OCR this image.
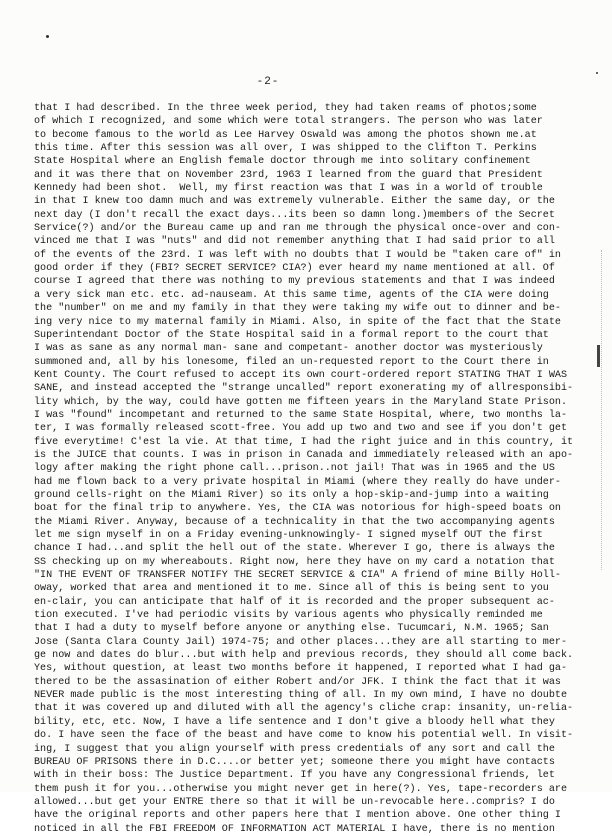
-2-
that I had described. In the three week period, they had taken reams of photos;some
of which I recognized, and some which were total strangers. The person who was later
to become famous to the world as Lee Harvey Oswald was among the photos shown me.at
this time. After this session was all over, I was shipped to the Clifton T. Perkins
State Hospital where an English female doctor through me into solitary confinement
and it was there that on November 23rd, 1963 I learned from the guard that President
Kennedy had been shot.  Well, my first reaction was that I was in a world of trouble
in that I knew too damn much and was extremely vulnerable. Either the same day, or the
next day (I don't recall the exact days...its been so damn long.)members of the Secret
Service(?) and/or the Bureau came up and ran me through the physical once-over and con-
vinced me that I was "nuts" and did not remember anything that I had said prior to all
of the events of the 23rd. I was left with no doubts that I would be "taken care of" in
good order if they (FBI? SECRET SERVICE? CIA?) ever heard my name mentioned at all. Of
course I agreed that there was nothing to my previous statements and that I was indeed
a very sick man etc. etc. ad-nauseam. At this same time, agents of the CIA were doing
the "number" on me and my family in that they were taking my wife out to dinner and be-
ing very nice to my maternal family in Miami. Also, in spite of the fact that the State
Superintendant Doctor of the State Hospital said in a formal report to the court that
I was as sane as any normal man- sane and competant- another doctor was mysteriously
summoned and, all by his lonesome, filed an un-requested report to the Court there in
Kent County. The Court refused to accept its own court-ordered report STATING THAT I WAS
SANE, and instead accepted the "strange uncalled" report exonerating my of allresponsibi-
lity which, by the way, could have gotten me fifteen years in the Maryland State Prison.
I was "found" incompetant and returned to the same State Hospital, where, two months la-
ter, I was formally released scott-free. You add up two and two and see if you don't get
five everytime! C'est la vie. At that time, I had the right juice and in this country, it
is the JUICE that counts. I was in prison in Canada and immediately released with an apo-
logy after making the right phone call...prison..not jail! That was in 1965 and the US
had me flown back to a very private hospital in Miami (where they really do have under-
ground cells-right on the Miami River) so its only a hop-skip-and-jump into a waiting
boat for the final trip to anywhere. Yes, the CIA was notorious for high-speed boats on
the Miami River. Anyway, because of a technicality in that the two accompanying agents
let me sign myself in on a Friday evening-unknowingly- I signed myself OUT the first
chance I had...and split the hell out of the state. Wherever I go, there is always the
SS checking up on my whereabouts. Right now, here they have on my card a notation that
"IN THE EVENT OF TRANSFER NOTIFY THE SECRET SERVICE & CIA" A friend of mine Billy Holl-
oway, worked that area and mentioned it to me. Since all of this is being sent to you
en-clair, you can anticipate that half of it is recorded and the proper subsequent ac-
tion executed. I've had periodic visits by various agents who physically reminded me
that I had a duty to myself before anyone or anything else. Tucumcari, N.M. 1965; San
Jose (Santa Clara County Jail) 1974-75; and other places...they are all starting to mer-
ge now and dates do blur...but with help and previous records, they should all come back.
Yes, without question, at least two months before it happened, I reported what I had ga-
thered to be the assasination of either Robert and/or JFK. I think the fact that it was
NEVER made public is the most interesting thing of all. In my own mind, I have no doubte
that it was covered up and diluted with all the agency's cliche crap: insanity, un-relia-
bility, etc, etc. Now, I have a life sentence and I don't give a bloody hell what they
do. I have seen the face of the beast and have come to know his potential well. In visit-
ing, I suggest that you align yourself with press credentials of any sort and call the
BUREAU OF PRISONS there in D.C....or better yet; someone there you might have contacts
with in their boss: The Justice Department. If you have any Congressional friends, let
them push it for you...otherwise you might never get in here(?). Yes, tape-recorders are
allowed...but get your ENTRE there so that it will be un-revocable here..compris? I do
have the original reports and other papers here that I mention above. One other thing I
noticed in all the FBI FREEDOM OF INFORMATION ACT MATERIAL I have, there is no mention
